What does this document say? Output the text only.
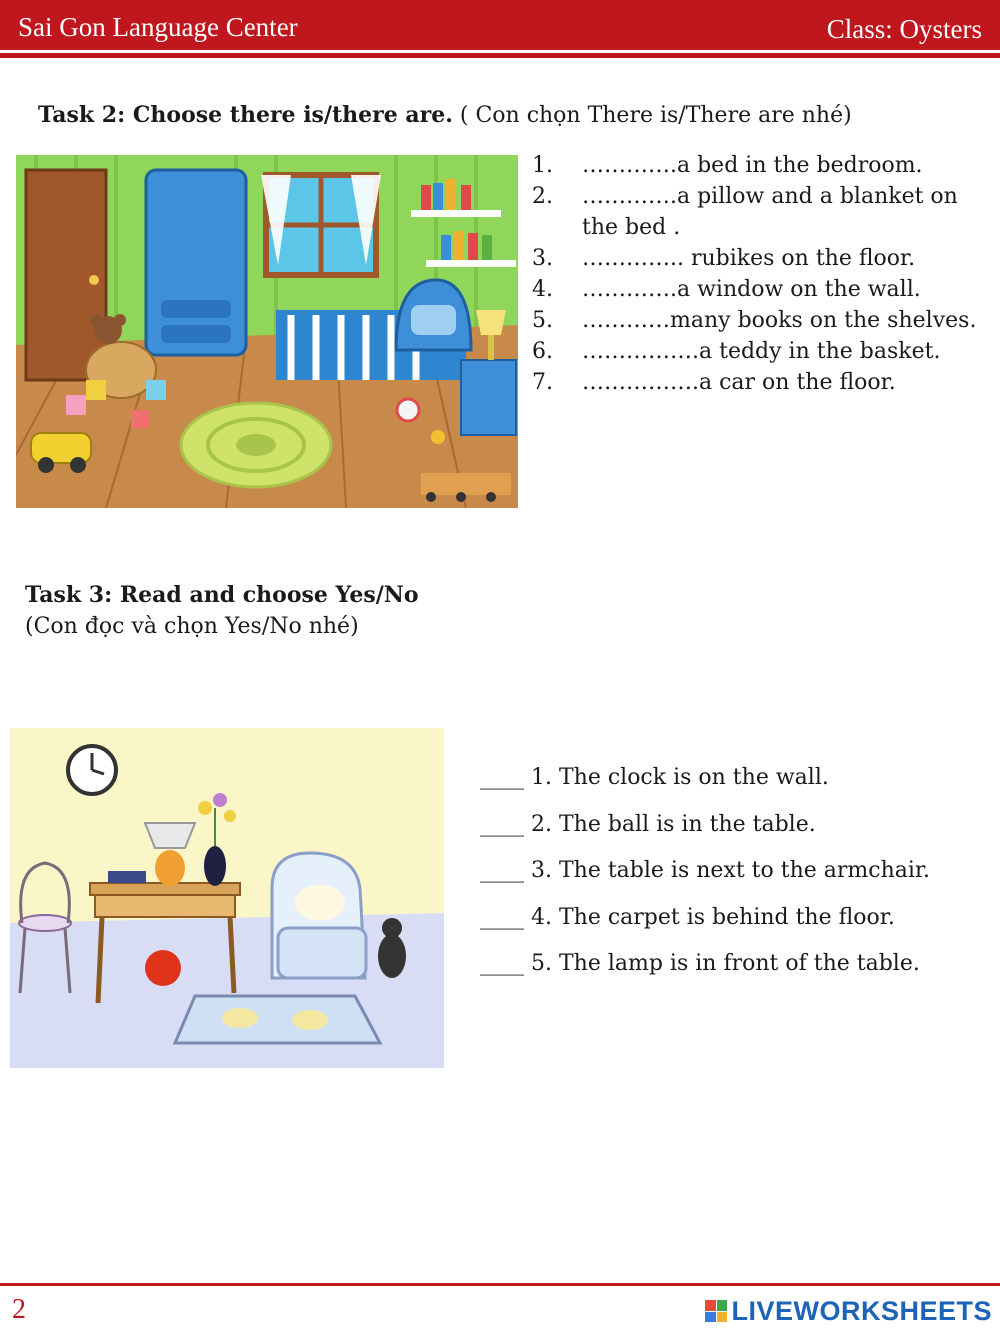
Sai Gon Language Center	Class: Oysters
Task 2: Choose there is/there are. ( Con chọn There is/There are nhé)
1. ………….a bed in the bedroom.
2. ………….a pillow and a blanket on the bed .
3. ………….. rubikes on the floor.
4. ………….a window on the wall.
5. …………many books on the shelves.
6. …………….a teddy in the basket.
7. …………….a car on the floor.
Task 3: Read and choose Yes/No
(Con đọc và chọn Yes/No nhé)
____ 1. The clock is on the wall.
____ 2. The ball is in the table.
____ 3. The table is next to the armchair.
____ 4. The carpet is behind the floor.
____ 5. The lamp is in front of the table.
2	LIVEWORKSHEETS
